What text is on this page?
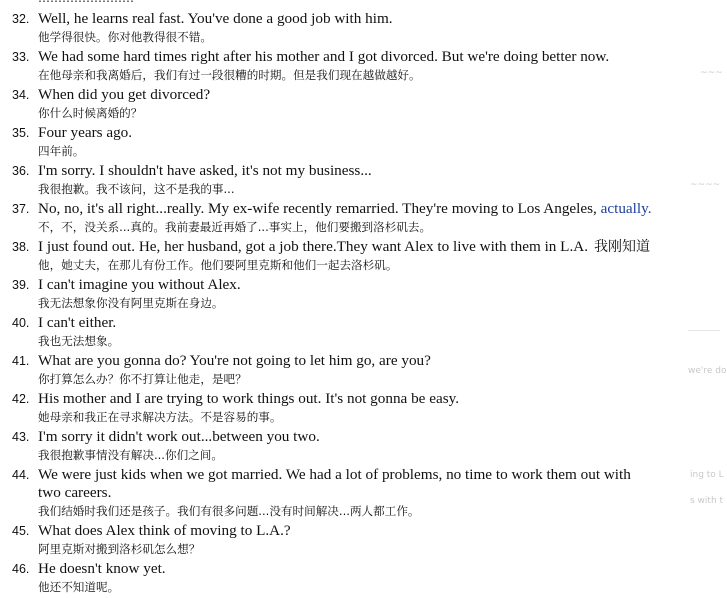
32. Well, he learns real fast. You've done a good job with him.
他学得很快。你对他教得很不错。
33. We had some hard times right after his mother and I got divorced. But we're doing better now.
在他母亲和我离婚后，我们有过一段很糟的时期。但是我们现在越做越好。
34. When did you get divorced?
你什么时候离婚的？
35. Four years ago.
四年前。
36. I'm sorry. I shouldn't have asked, it's not my business...
我很抱歉。我不该问，这不是我的事...
37. No, no, it's all right...really. My ex-wife recently remarried. They're moving to Los Angeles, actually.
不，不，没关系...真的。我前妻最近再婚了...事实上，他们要搬到洛杉矶去。
38. I just found out. He, her husband, got a job there.They want Alex to live with them in L.A. 我刚知道
他，她丈夫，在那儿有份工作。他们要阿里克斯和他们一起去洛杉矶。
39. I can't imagine you without Alex.
我无法想象你没有阿里克斯在身边。
40. I can't either.
我也无法想象。
41. What are you gonna do? You're not going to let him go, are you?
你打算怎么办？你不打算让他走，是吧？
42. His mother and I are trying to work things out. It's not gonna be easy.
她母亲和我正在寻求解决方法。不是容易的事。
43. I'm sorry it didn't work out...between you two.
我很抱歉事情没有解决...你们之间。
44. We were just kids when we got married. We had a lot of problems, no time to work them out with
two careers.
我们结婚时我们还是孩子。我们有很多问题...没有时间解决...两人都工作。
45. What does Alex think of moving to L.A.?
阿里克斯对搬到洛杉矶怎么想？
46. He doesn't know yet.
他还不知道呢。
~~~
~~~~
we're do
ing to L
s with t
